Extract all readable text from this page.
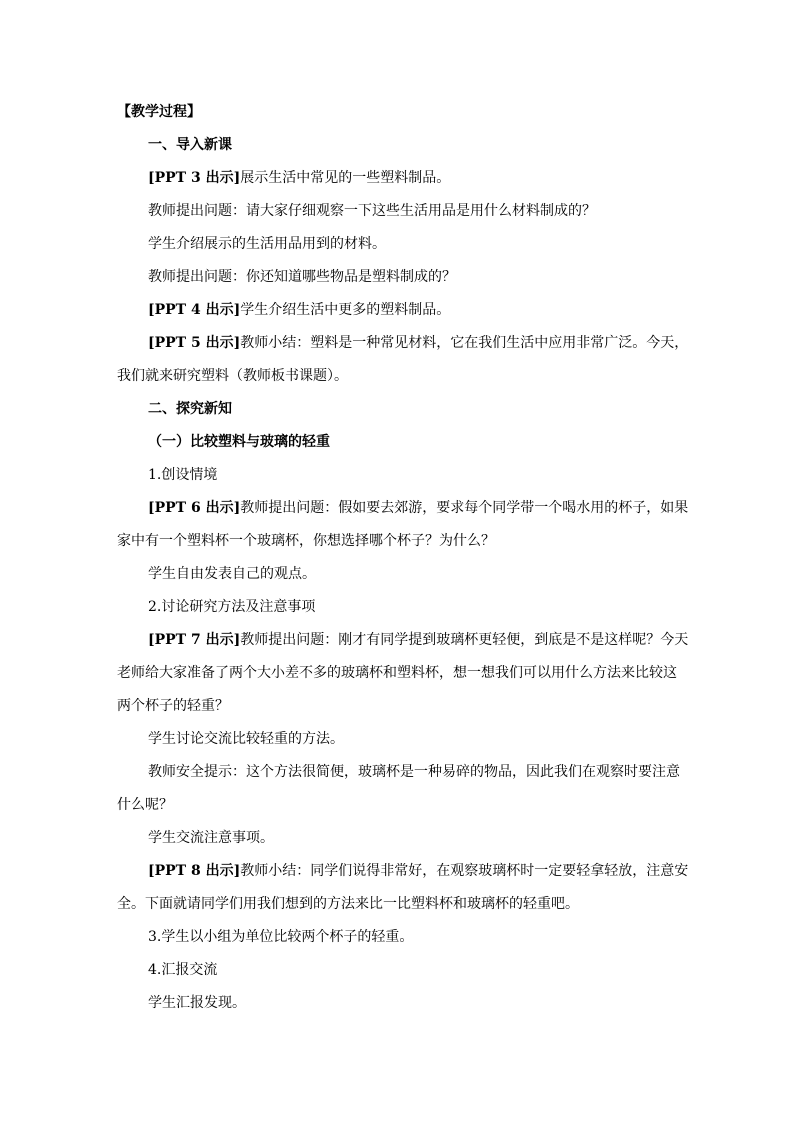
【教学过程】
一、导入新课
[PPT 3 出示]展示生活中常见的一些塑料制品。
教师提出问题：请大家仔细观察一下这些生活用品是用什么材料制成的？
学生介绍展示的生活用品用到的材料。
教师提出问题：你还知道哪些物品是塑料制成的？
[PPT 4 出示]学生介绍生活中更多的塑料制品。
[PPT 5 出示]教师小结：塑料是一种常见材料，它在我们生活中应用非常广泛。今天，
我们就来研究塑料（教师板书课题）。
二、探究新知
（一）比较塑料与玻璃的轻重
1.创设情境
[PPT 6 出示]教师提出问题：假如要去郊游，要求每个同学带一个喝水用的杯子，如果
家中有一个塑料杯一个玻璃杯，你想选择哪个杯子？为什么？
学生自由发表自己的观点。
2.讨论研究方法及注意事项
[PPT 7 出示]教师提出问题：刚才有同学提到玻璃杯更轻便，到底是不是这样呢？今天
老师给大家准备了两个大小差不多的玻璃杯和塑料杯，想一想我们可以用什么方法来比较这
两个杯子的轻重？
学生讨论交流比较轻重的方法。
教师安全提示：这个方法很简便，玻璃杯是一种易碎的物品，因此我们在观察时要注意
什么呢？
学生交流注意事项。
[PPT 8 出示]教师小结：同学们说得非常好，在观察玻璃杯时一定要轻拿轻放，注意安
全。下面就请同学们用我们想到的方法来比一比塑料杯和玻璃杯的轻重吧。
3.学生以小组为单位比较两个杯子的轻重。
4.汇报交流
学生汇报发现。
